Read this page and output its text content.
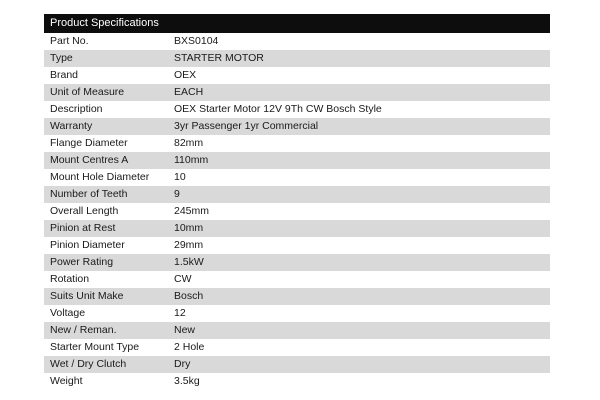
Product Specifications
Part No.	BXS0104
Type	STARTER MOTOR
Brand	OEX
Unit of Measure	EACH
Description	OEX Starter Motor 12V 9Th CW Bosch Style
Warranty	3yr Passenger 1yr Commercial
Flange Diameter	82mm
Mount Centres A	110mm
Mount Hole Diameter	10
Number of Teeth	9
Overall Length	245mm
Pinion at Rest	10mm
Pinion Diameter	29mm
Power Rating	1.5kW
Rotation	CW
Suits Unit Make	Bosch
Voltage	12
New / Reman.	New
Starter Mount Type	2 Hole
Wet / Dry Clutch	Dry
Weight	3.5kg
